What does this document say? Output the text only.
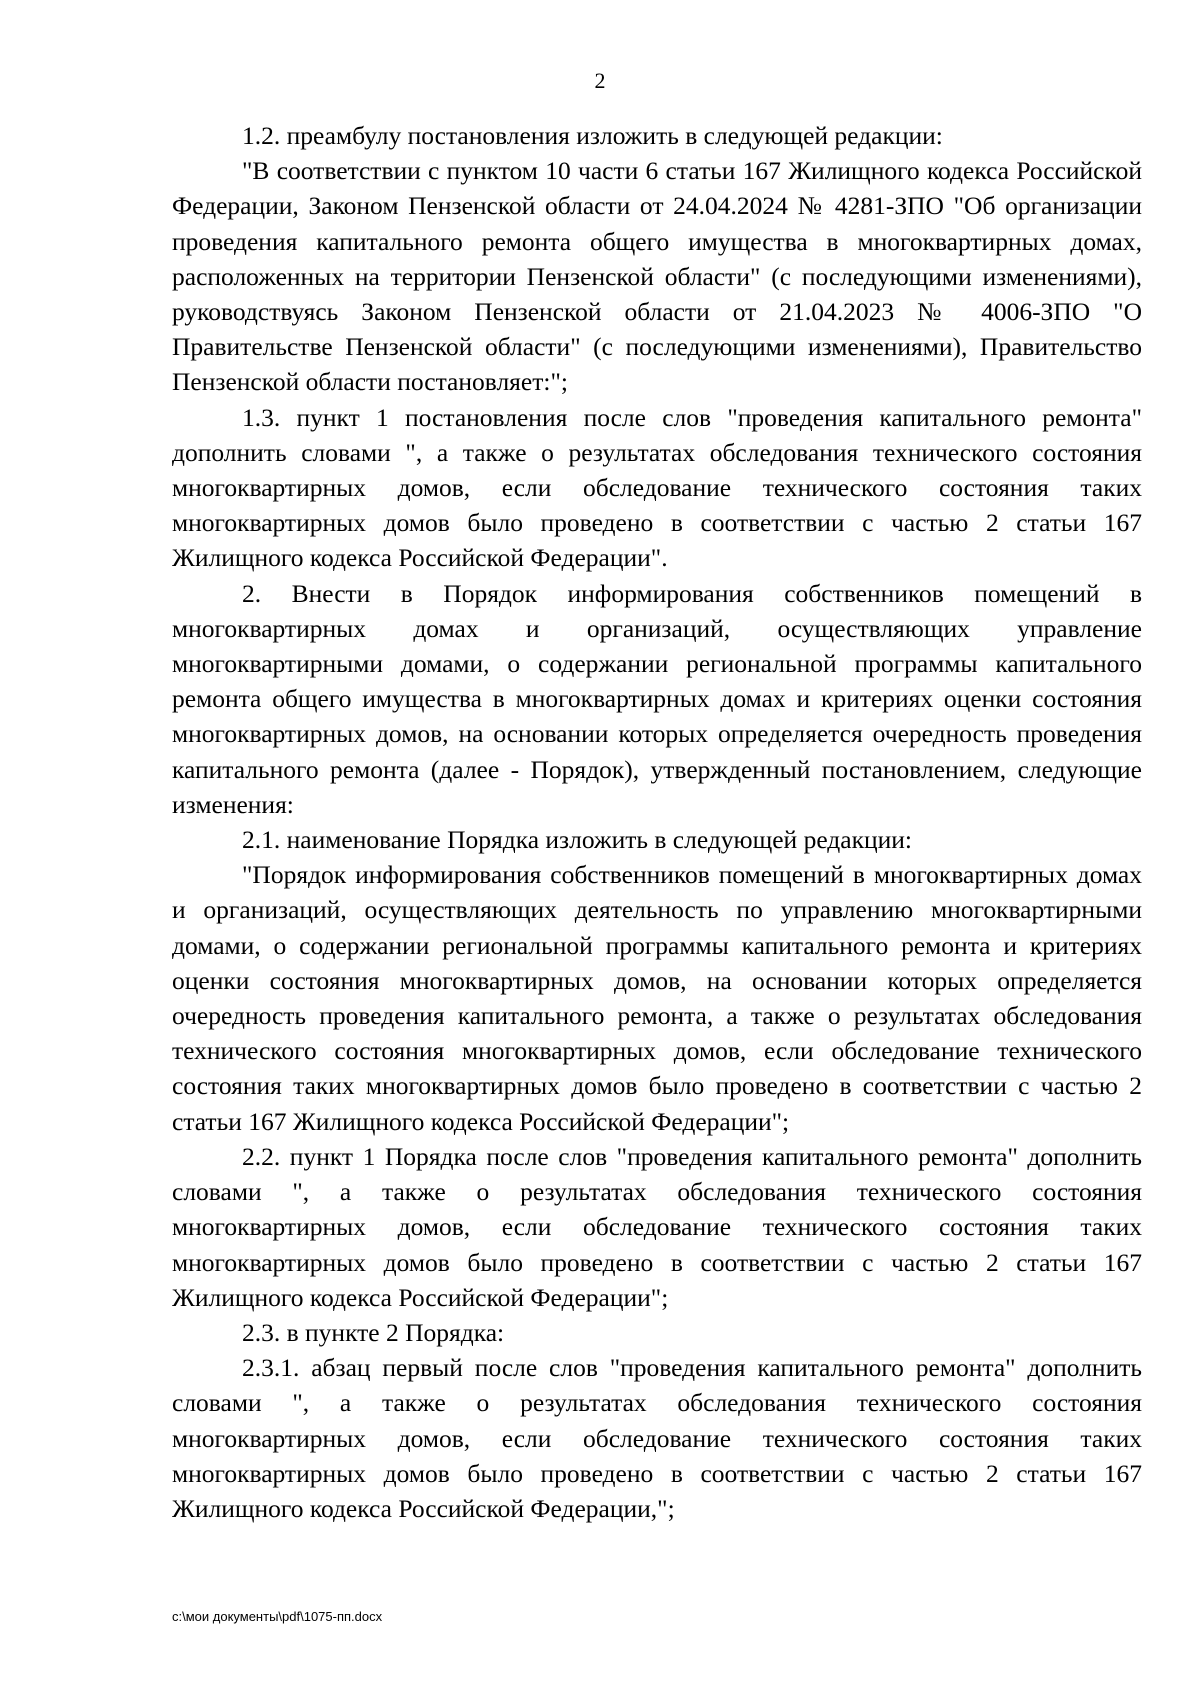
2

1.2. преамбулу постановления изложить в следующей редакции:

"В соответствии с пунктом 10 части 6 статьи 167 Жилищного кодекса Российской Федерации, Законом Пензенской области от 24.04.2024 № 4281-ЗПО "Об организации проведения капитального ремонта общего имущества в многоквартирных домах, расположенных на территории Пензенской области" (с последующими изменениями), руководствуясь Законом Пензенской области от 21.04.2023 № 4006-ЗПО "О Правительстве Пензенской области" (с последующими изменениями), Правительство Пензенской области постановляет:";

1.3. пункт 1 постановления после слов "проведения капитального ремонта" дополнить словами ", а также о результатах обследования технического состояния многоквартирных домов, если обследование технического состояния таких многоквартирных домов было проведено в соответствии с частью 2 статьи 167 Жилищного кодекса Российской Федерации".

2. Внести в Порядок информирования собственников помещений в многоквартирных домах и организаций, осуществляющих управление многоквартирными домами, о содержании региональной программы капитального ремонта общего имущества в многоквартирных домах и критериях оценки состояния многоквартирных домов, на основании которых определяется очередность проведения капитального ремонта (далее - Порядок), утвержденный постановлением, следующие изменения:

2.1. наименование Порядка изложить в следующей редакции:

"Порядок информирования собственников помещений в многоквартирных домах и организаций, осуществляющих деятельность по управлению многоквартирными домами, о содержании региональной программы капитального ремонта и критериях оценки состояния многоквартирных домов, на основании которых определяется очередность проведения капитального ремонта, а также о результатах обследования технического состояния многоквартирных домов, если обследование технического состояния таких многоквартирных домов было проведено в соответствии с частью 2 статьи 167 Жилищного кодекса Российской Федерации";

2.2. пункт 1 Порядка после слов "проведения капитального ремонта" дополнить словами ", а также о результатах обследования технического состояния многоквартирных домов, если обследование технического состояния таких многоквартирных домов было проведено в соответствии с частью 2 статьи 167 Жилищного кодекса Российской Федерации";

2.3. в пункте 2 Порядка:

2.3.1. абзац первый после слов "проведения капитального ремонта" дополнить словами ", а также о результатах обследования технического состояния многоквартирных домов, если обследование технического состояния таких многоквартирных домов было проведено в соответствии с частью 2 статьи 167 Жилищного кодекса Российской Федерации,";

c:\мои документы\pdf\1075-пп.docx
